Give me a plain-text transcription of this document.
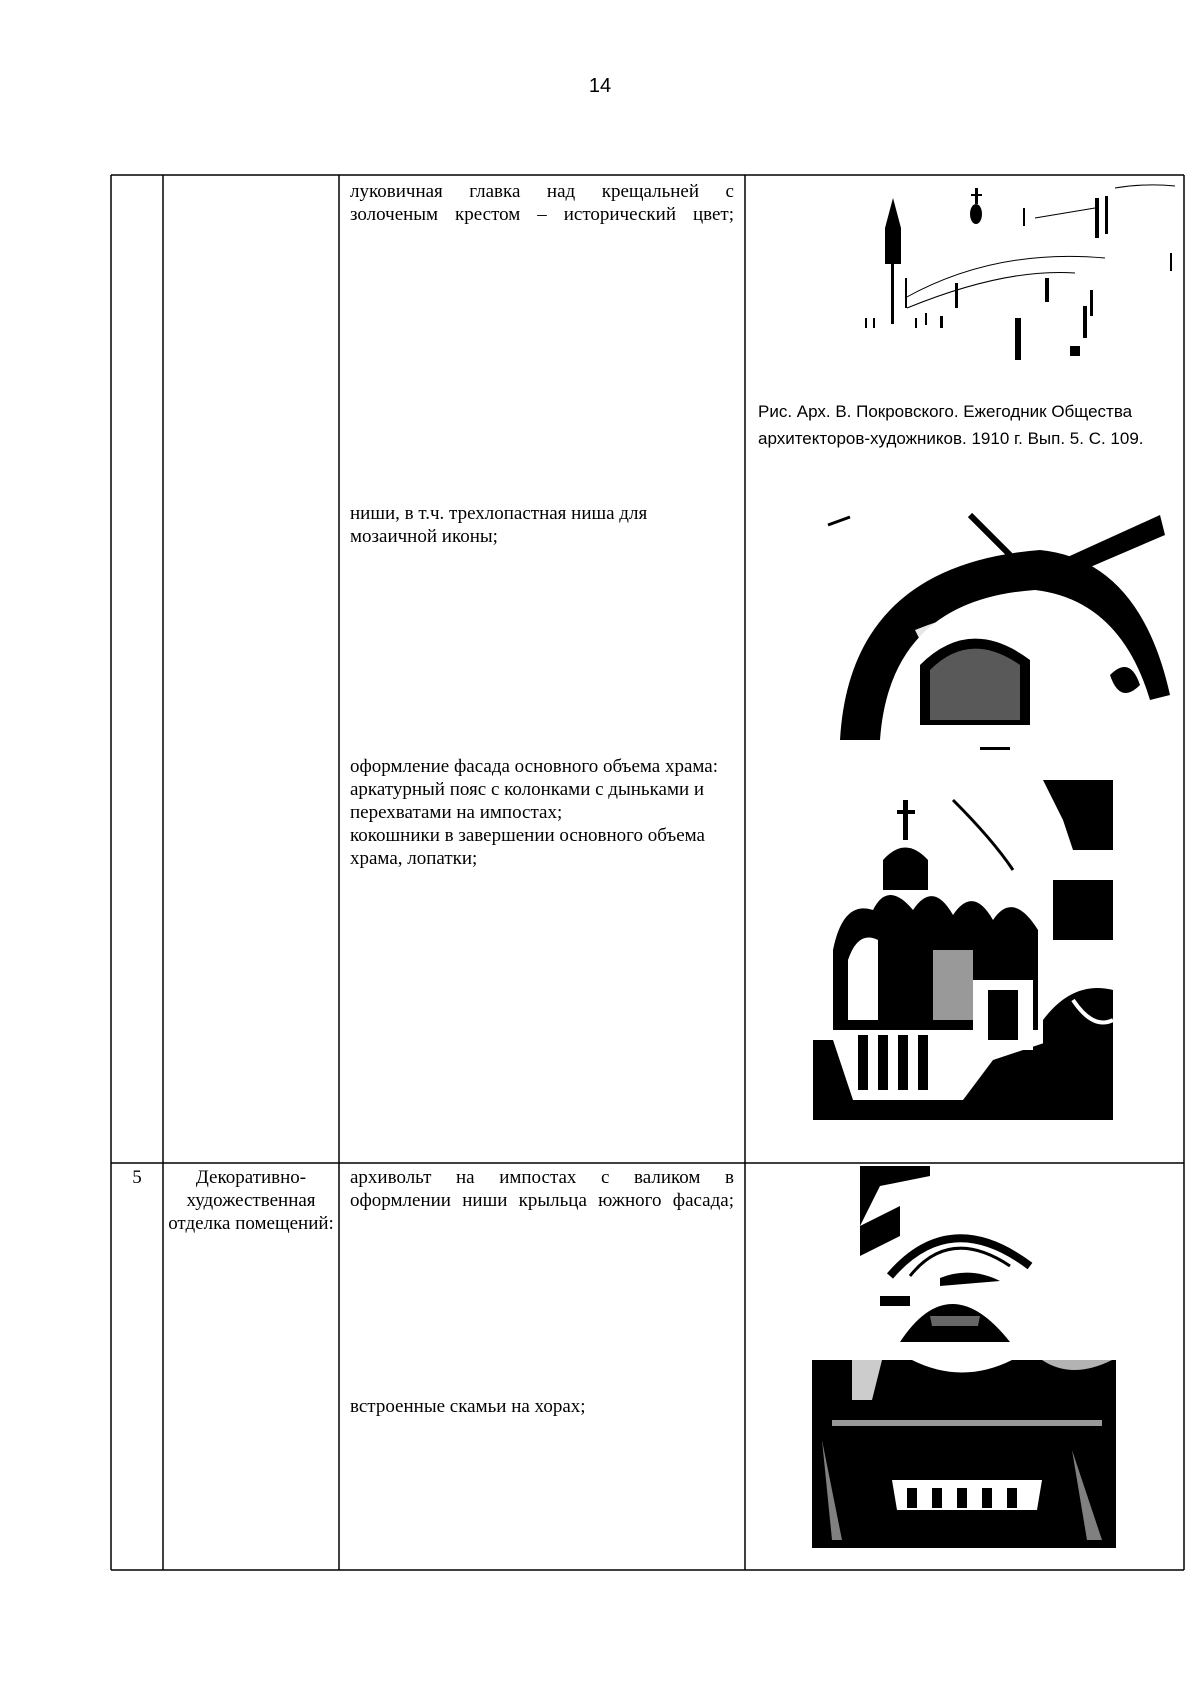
14
луковичная главка над крещальней с золоченым крестом – исторический цвет;
Рис. Арх. В. Покровского. Ежегодник Общества архитекторов-художников. 1910 г. Вып. 5. С. 109.
ниши, в т.ч. трехлопастная ниша для мозаичной иконы;
оформление фасада основного объема храма: аркатурный пояс с колонками с дыньками и перехватами на импостах;
кокошники в завершении основного объема храма, лопатки;
5	Декоративно-художественная отделка помещений:
архивольт на импостах с валиком в оформлении ниши крыльца южного фасада;
встроенные скамьи на хорах;
